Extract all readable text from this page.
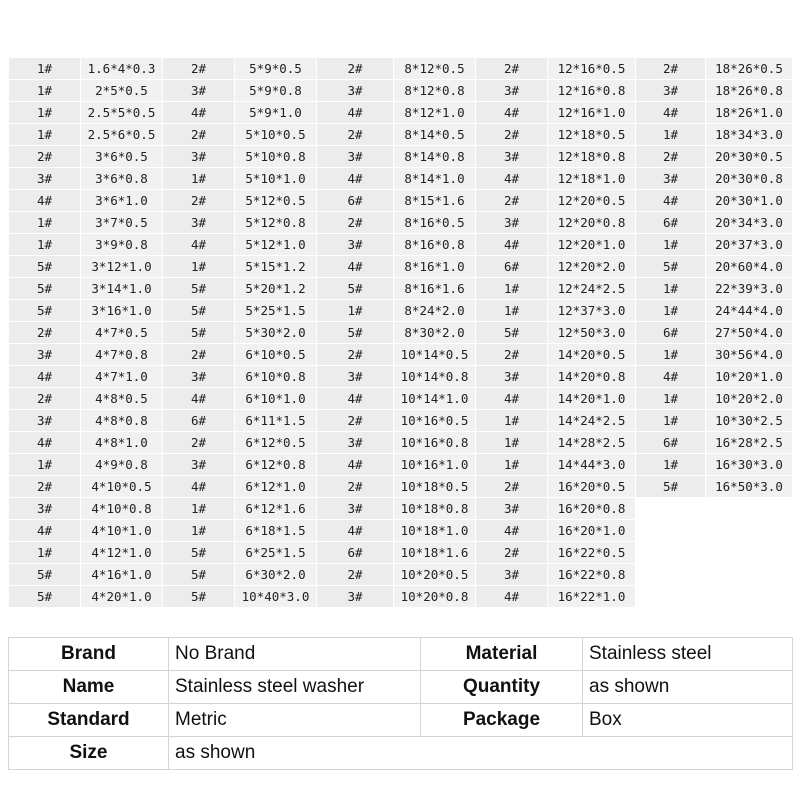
1#	1.6*4*0.3	2#	5*9*0.5	2#	8*12*0.5	2#	12*16*0.5	2#	18*26*0.5
1#	2*5*0.5	3#	5*9*0.8	3#	8*12*0.8	3#	12*16*0.8	3#	18*26*0.8
1#	2.5*5*0.5	4#	5*9*1.0	4#	8*12*1.0	4#	12*16*1.0	4#	18*26*1.0
1#	2.5*6*0.5	2#	5*10*0.5	2#	8*14*0.5	2#	12*18*0.5	1#	18*34*3.0
2#	3*6*0.5	3#	5*10*0.8	3#	8*14*0.8	3#	12*18*0.8	2#	20*30*0.5
3#	3*6*0.8	1#	5*10*1.0	4#	8*14*1.0	4#	12*18*1.0	3#	20*30*0.8
4#	3*6*1.0	2#	5*12*0.5	6#	8*15*1.6	2#	12*20*0.5	4#	20*30*1.0
1#	3*7*0.5	3#	5*12*0.8	2#	8*16*0.5	3#	12*20*0.8	6#	20*34*3.0
1#	3*9*0.8	4#	5*12*1.0	3#	8*16*0.8	4#	12*20*1.0	1#	20*37*3.0
5#	3*12*1.0	1#	5*15*1.2	4#	8*16*1.0	6#	12*20*2.0	5#	20*60*4.0
5#	3*14*1.0	5#	5*20*1.2	5#	8*16*1.6	1#	12*24*2.5	1#	22*39*3.0
5#	3*16*1.0	5#	5*25*1.5	1#	8*24*2.0	1#	12*37*3.0	1#	24*44*4.0
2#	4*7*0.5	5#	5*30*2.0	5#	8*30*2.0	5#	12*50*3.0	6#	27*50*4.0
3#	4*7*0.8	2#	6*10*0.5	2#	10*14*0.5	2#	14*20*0.5	1#	30*56*4.0
4#	4*7*1.0	3#	6*10*0.8	3#	10*14*0.8	3#	14*20*0.8	4#	10*20*1.0
2#	4*8*0.5	4#	6*10*1.0	4#	10*14*1.0	4#	14*20*1.0	1#	10*20*2.0
3#	4*8*0.8	6#	6*11*1.5	2#	10*16*0.5	1#	14*24*2.5	1#	10*30*2.5
4#	4*8*1.0	2#	6*12*0.5	3#	10*16*0.8	1#	14*28*2.5	6#	16*28*2.5
1#	4*9*0.8	3#	6*12*0.8	4#	10*16*1.0	1#	14*44*3.0	1#	16*30*3.0
2#	4*10*0.5	4#	6*12*1.0	2#	10*18*0.5	2#	16*20*0.5	5#	16*50*3.0
3#	4*10*0.8	1#	6*12*1.6	3#	10*18*0.8	3#	16*20*0.8		
4#	4*10*1.0	1#	6*18*1.5	4#	10*18*1.0	4#	16*20*1.0		
1#	4*12*1.0	5#	6*25*1.5	6#	10*18*1.6	2#	16*22*0.5		
5#	4*16*1.0	5#	6*30*2.0	2#	10*20*0.5	3#	16*22*0.8		
5#	4*20*1.0	5#	10*40*3.0	3#	10*20*0.8	4#	16*22*1.0		
Brand	No Brand	Material	Stainless steel
Name	Stainless steel washer	Quantity	as shown
Standard	Metric	Package	Box
Size	as shown		
